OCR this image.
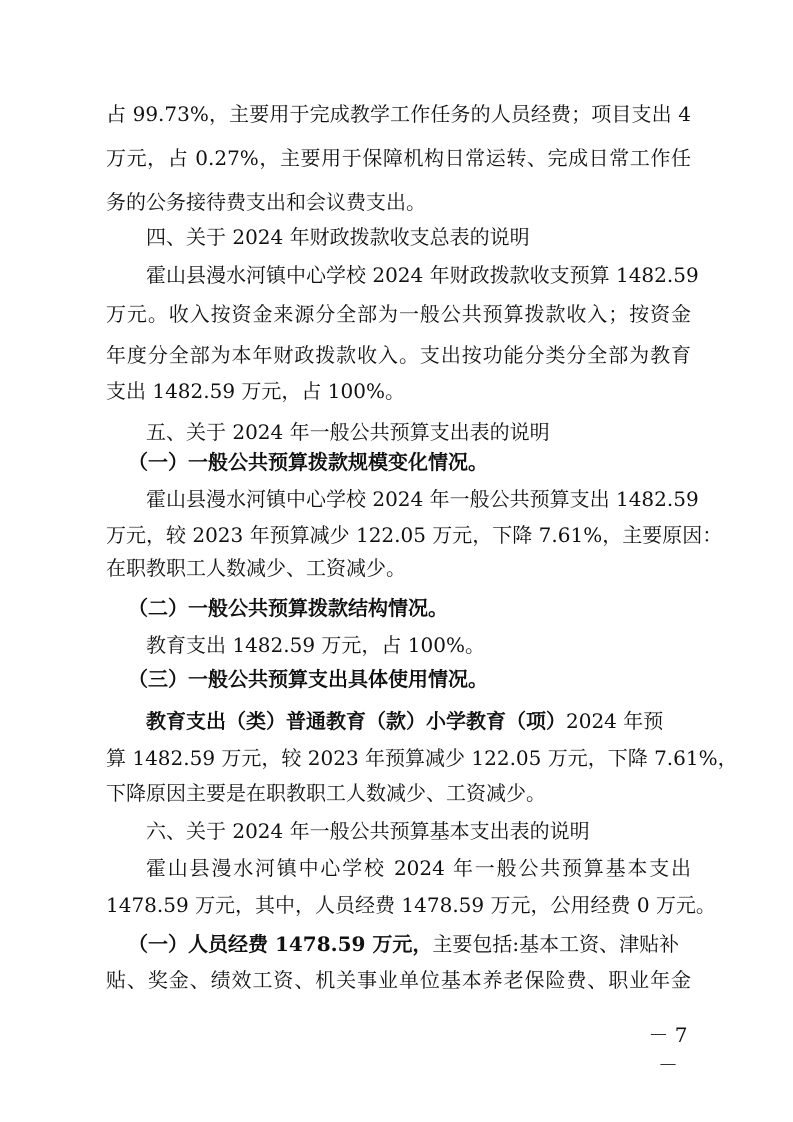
占 99.73%，主要用于完成教学工作任务的人员经费；项目支出 4
万元，占 0.27%，主要用于保障机构日常运转、完成日常工作任
务的公务接待费支出和会议费支出。
四、关于 2024 年财政拨款收支总表的说明
霍山县漫水河镇中心学校 2024 年财政拨款收支预算 1482.59
万元。收入按资金来源分全部为一般公共预算拨款收入；按资金
年度分全部为本年财政拨款收入。支出按功能分类分全部为教育
支出 1482.59 万元，占 100%。
五、关于 2024 年一般公共预算支出表的说明
（一）一般公共预算拨款规模变化情况。
霍山县漫水河镇中心学校 2024 年一般公共预算支出 1482.59
万元，较 2023 年预算减少 122.05 万元，下降 7.61%，主要原因：
在职教职工人数减少、工资减少。
（二）一般公共预算拨款结构情况。
教育支出 1482.59 万元，占 100%。
（三）一般公共预算支出具体使用情况。
教育支出（类）普通教育（款）小学教育（项）2024 年预
算 1482.59 万元，较 2023 年预算减少 122.05 万元，下降 7.61%，
下降原因主要是在职教职工人数减少、工资减少。
六、关于 2024 年一般公共预算基本支出表的说明
霍山县漫水河镇中心学校 2024 年一般公共预算基本支出
1478.59 万元，其中，人员经费 1478.59 万元，公用经费 0 万元。
（一）人员经费 1478.59 万元，主要包括:基本工资、津贴补
贴、奖金、绩效工资、机关事业单位基本养老保险费、职业年金
－ 7 －
